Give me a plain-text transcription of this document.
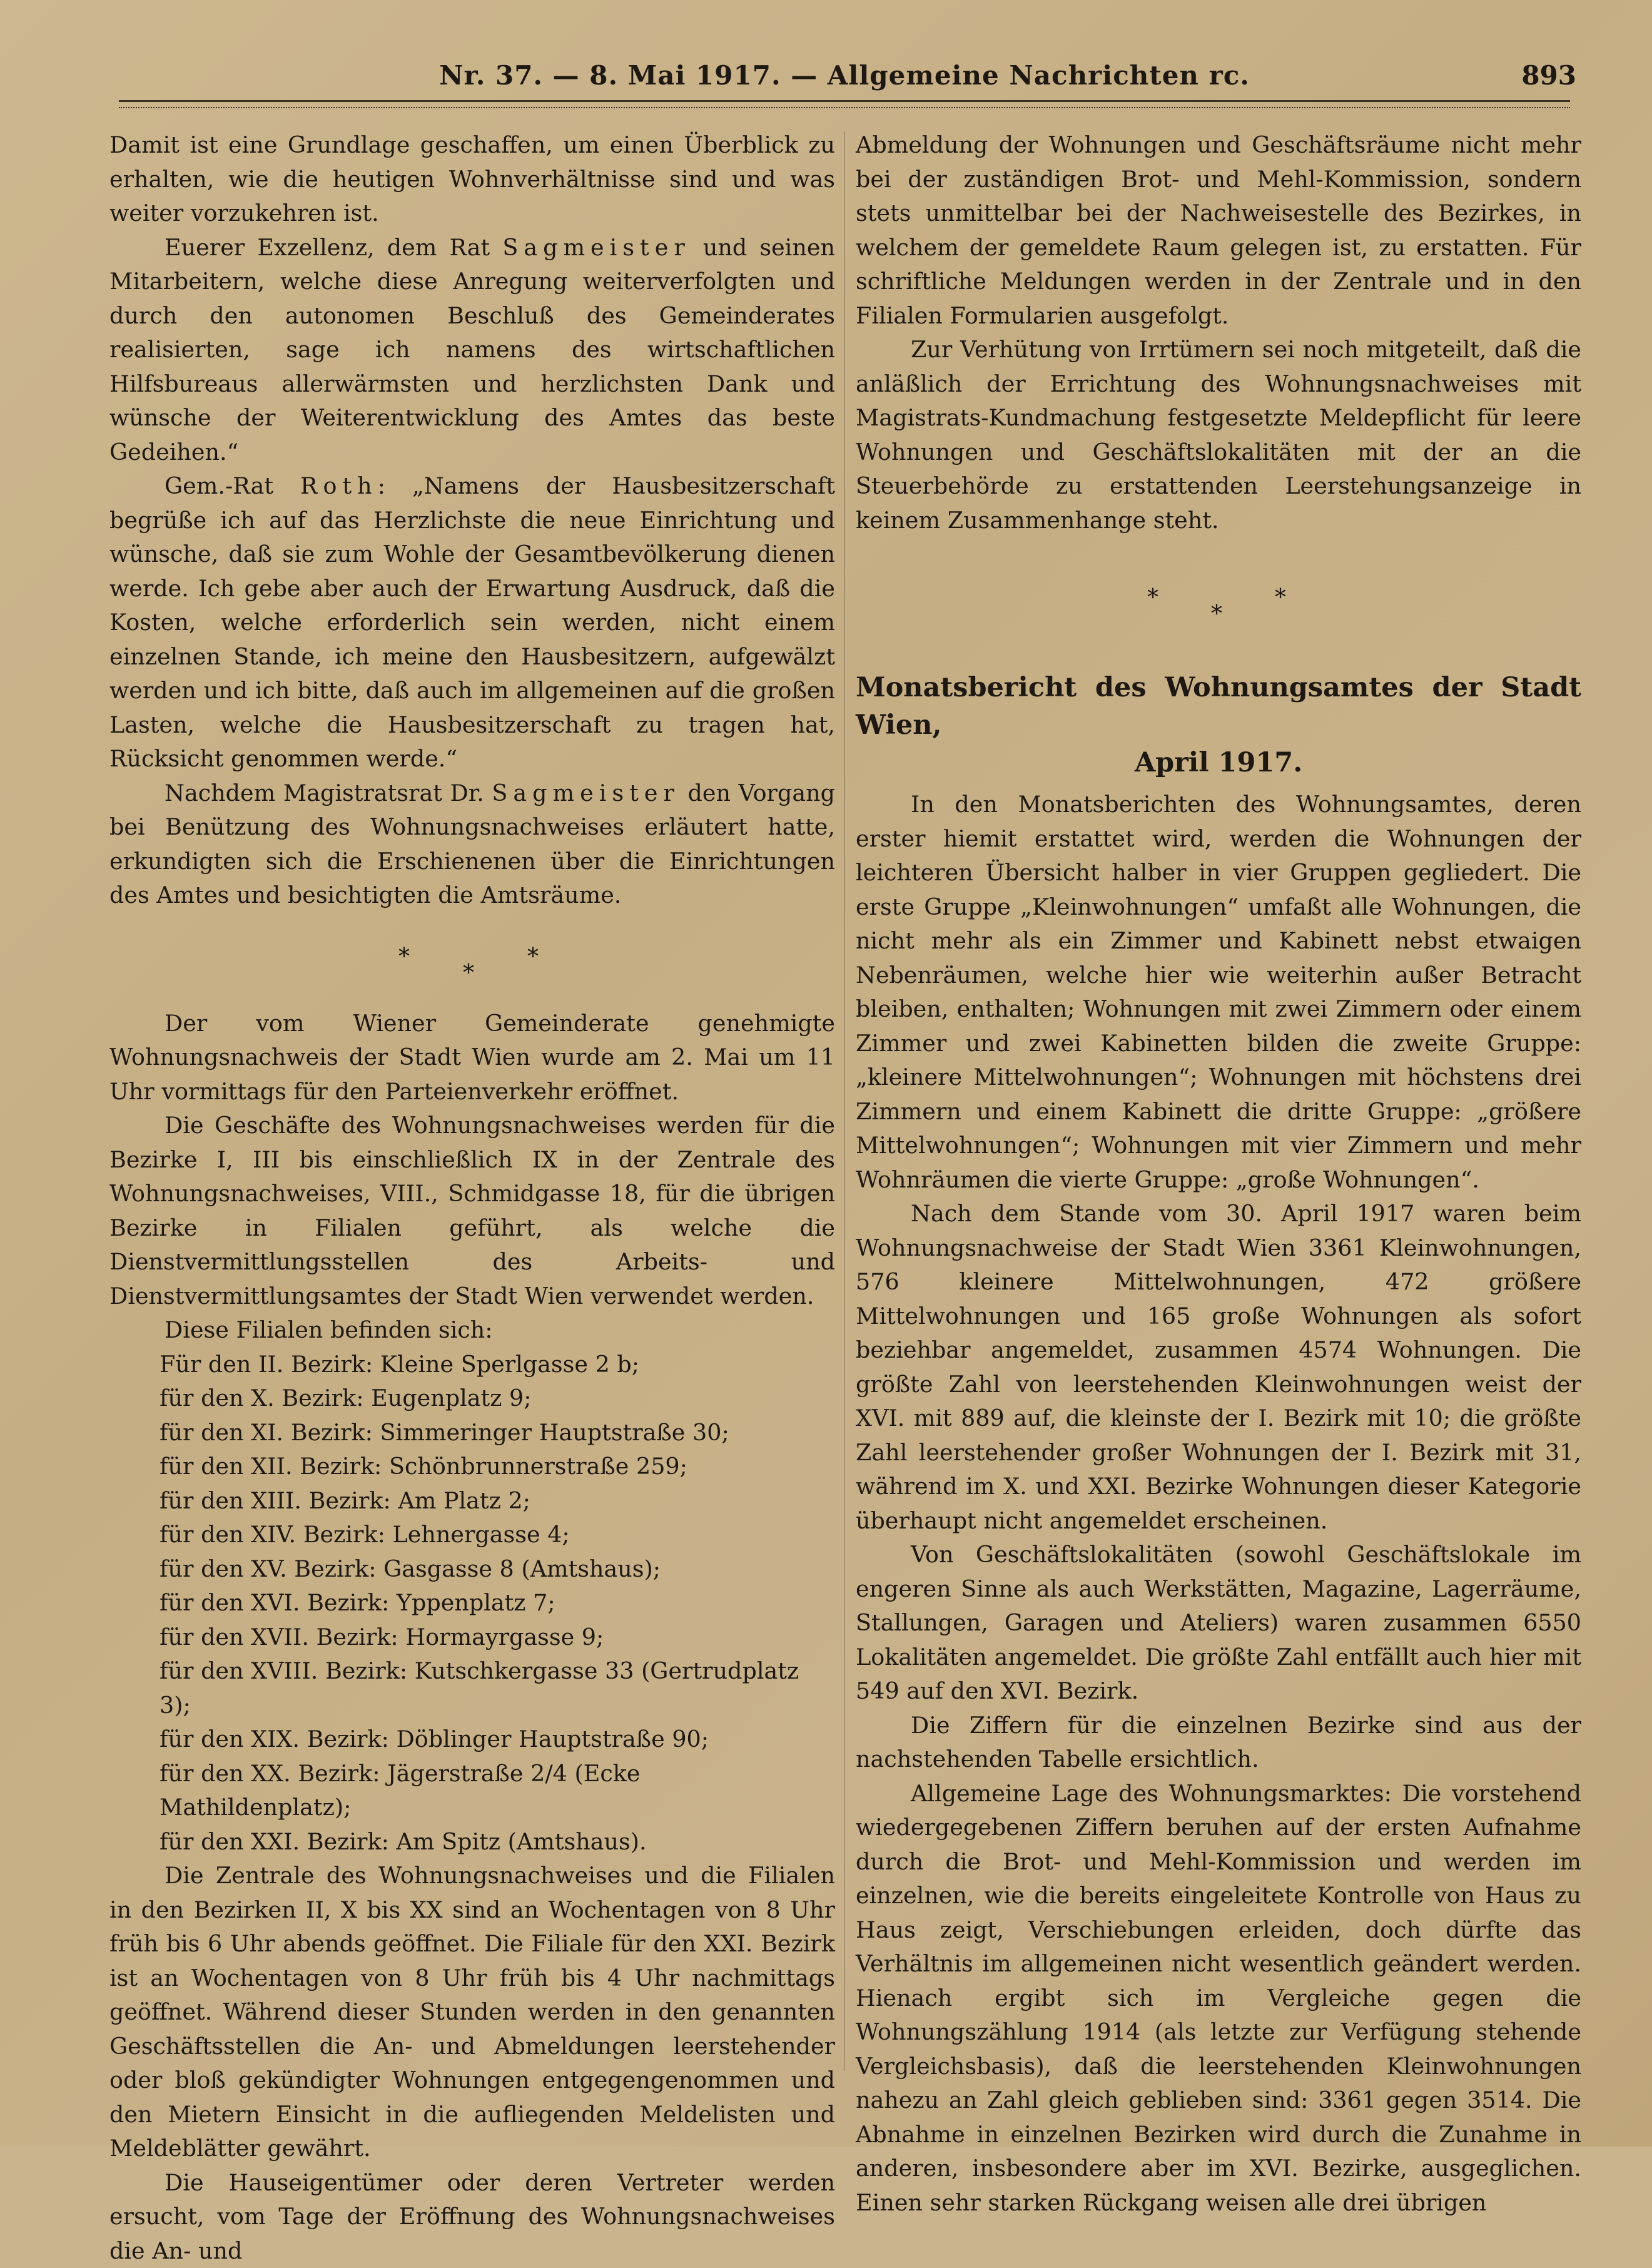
Nr. 37. — 8. Mai 1917. — Allgemeine Nachrichten rc.	893

Damit ist eine Grundlage geschaffen, um einen Überblick zu erhalten, wie die heutigen Wohnverhältnisse sind und was weiter vorzukehren ist.

Euerer Exzellenz, dem Rat Sagmeister und seinen Mitarbeitern, welche diese Anregung weiterverfolgten und durch den autonomen Beschluß des Gemeinderates realisierten, sage ich namens des wirtschaftlichen Hilfsbureaus allerwärmsten und herzlichsten Dank und wünsche der Weiterentwicklung des Amtes das beste Gedeihen.“

Gem.-Rat Roth: „Namens der Hausbesitzerschaft begrüße ich auf das Herzlichste die neue Einrichtung und wünsche, daß sie zum Wohle der Gesamtbevölkerung dienen werde. Ich gebe aber auch der Erwartung Ausdruck, daß die Kosten, welche erforderlich sein werden, nicht einem einzelnen Stande, ich meine den Hausbesitzern, aufgewälzt werden und ich bitte, daß auch im allgemeinen auf die großen Lasten, welche die Hausbesitzerschaft zu tragen hat, Rücksicht genommen werde.“

Nachdem Magistratsrat Dr. Sagmeister den Vorgang bei Benützung des Wohnungsnachweises erläutert hatte, erkundigten sich die Erschienenen über die Einrichtungen des Amtes und besichtigten die Amtsräume.

*
*
*

Der vom Wiener Gemeinderate genehmigte Wohnungsnachweis der Stadt Wien wurde am 2. Mai um 11 Uhr vormittags für den Parteienverkehr eröffnet.

Die Geschäfte des Wohnungsnachweises werden für die Bezirke I, III bis einschließlich IX in der Zentrale des Wohnungsnachweises, VIII., Schmidgasse 18, für die übrigen Bezirke in Filialen geführt, als welche die Dienstvermittlungsstellen des Arbeits- und Dienstvermittlungsamtes der Stadt Wien verwendet werden.

Diese Filialen befinden sich:

Für den II. Bezirk: Kleine Sperlgasse 2 b;
für den X. Bezirk: Eugenplatz 9;
für den XI. Bezirk: Simmeringer Hauptstraße 30;
für den XII. Bezirk: Schönbrunnerstraße 259;
für den XIII. Bezirk: Am Platz 2;
für den XIV. Bezirk: Lehnergasse 4;
für den XV. Bezirk: Gasgasse 8 (Amtshaus);
für den XVI. Bezirk: Yppenplatz 7;
für den XVII. Bezirk: Hormayrgasse 9;
für den XVIII. Bezirk: Kutschkergasse 33 (Gertrudplatz 3);
für den XIX. Bezirk: Döblinger Hauptstraße 90;
für den XX. Bezirk: Jägerstraße 2/4 (Ecke Mathildenplatz);
für den XXI. Bezirk: Am Spitz (Amtshaus).

Die Zentrale des Wohnungsnachweises und die Filialen in den Bezirken II, X bis XX sind an Wochentagen von 8 Uhr früh bis 6 Uhr abends geöffnet. Die Filiale für den XXI. Bezirk ist an Wochentagen von 8 Uhr früh bis 4 Uhr nachmittags geöffnet. Während dieser Stunden werden in den genannten Geschäftsstellen die An- und Abmeldungen leerstehender oder bloß gekündigter Wohnungen entgegengenommen und den Mietern Einsicht in die aufliegenden Meldelisten und Meldeblätter gewährt.

Die Hauseigentümer oder deren Vertreter werden ersucht, vom Tage der Eröffnung des Wohnungsnachweises die An- und

Abmeldung der Wohnungen und Geschäftsräume nicht mehr bei der zuständigen Brot- und Mehl-Kommission, sondern stets unmittelbar bei der Nachweisestelle des Bezirkes, in welchem der gemeldete Raum gelegen ist, zu erstatten. Für schriftliche Meldungen werden in der Zentrale und in den Filialen Formularien ausgefolgt.

Zur Verhütung von Irrtümern sei noch mitgeteilt, daß die anläßlich der Errichtung des Wohnungsnachweises mit Magistrats-Kundmachung festgesetzte Meldepflicht für leere Wohnungen und Geschäftslokalitäten mit der an die Steuerbehörde zu erstattenden Leerstehungsanzeige in keinem Zusammenhange steht.

*
*
*
Monatsbericht des Wohnungsamtes der Stadt Wien,
April 1917.

In den Monatsberichten des Wohnungsamtes, deren erster hiemit erstattet wird, werden die Wohnungen der leichteren Übersicht halber in vier Gruppen gegliedert. Die erste Gruppe „Kleinwohnungen“ umfaßt alle Wohnungen, die nicht mehr als ein Zimmer und Kabinett nebst etwaigen Nebenräumen, welche hier wie weiterhin außer Betracht bleiben, enthalten; Wohnungen mit zwei Zimmern oder einem Zimmer und zwei Kabinetten bilden die zweite Gruppe: „kleinere Mittelwohnungen“; Wohnungen mit höchstens drei Zimmern und einem Kabinett die dritte Gruppe: „größere Mittelwohnungen“; Wohnungen mit vier Zimmern und mehr Wohnräumen die vierte Gruppe: „große Wohnungen“.

Nach dem Stande vom 30. April 1917 waren beim Wohnungsnachweise der Stadt Wien 3361 Kleinwohnungen, 576 kleinere Mittelwohnungen, 472 größere Mittelwohnungen und 165 große Wohnungen als sofort beziehbar angemeldet, zusammen 4574 Wohnungen. Die größte Zahl von leerstehenden Kleinwohnungen weist der XVI. mit 889 auf, die kleinste der I. Bezirk mit 10; die größte Zahl leerstehender großer Wohnungen der I. Bezirk mit 31, während im X. und XXI. Bezirke Wohnungen dieser Kategorie überhaupt nicht angemeldet erscheinen.

Von Geschäftslokalitäten (sowohl Geschäftslokale im engeren Sinne als auch Werkstätten, Magazine, Lagerräume, Stallungen, Garagen und Ateliers) waren zusammen 6550 Lokalitäten angemeldet. Die größte Zahl entfällt auch hier mit 549 auf den XVI. Bezirk.

Die Ziffern für die einzelnen Bezirke sind aus der nachstehenden Tabelle ersichtlich.

Allgemeine Lage des Wohnungsmarktes: Die vorstehend wiedergegebenen Ziffern beruhen auf der ersten Aufnahme durch die Brot- und Mehl-Kommission und werden im einzelnen, wie die bereits eingeleitete Kontrolle von Haus zu Haus zeigt, Verschiebungen erleiden, doch dürfte das Verhältnis im allgemeinen nicht wesentlich geändert werden. Hienach ergibt sich im Vergleiche gegen die Wohnungszählung 1914 (als letzte zur Verfügung stehende Vergleichsbasis), daß die leerstehenden Kleinwohnungen nahezu an Zahl gleich geblieben sind: 3361 gegen 3514. Die Abnahme in einzelnen Bezirken wird durch die Zunahme in anderen, insbesondere aber im XVI. Bezirke, ausgeglichen. Einen sehr starken Rückgang weisen alle drei übrigen
